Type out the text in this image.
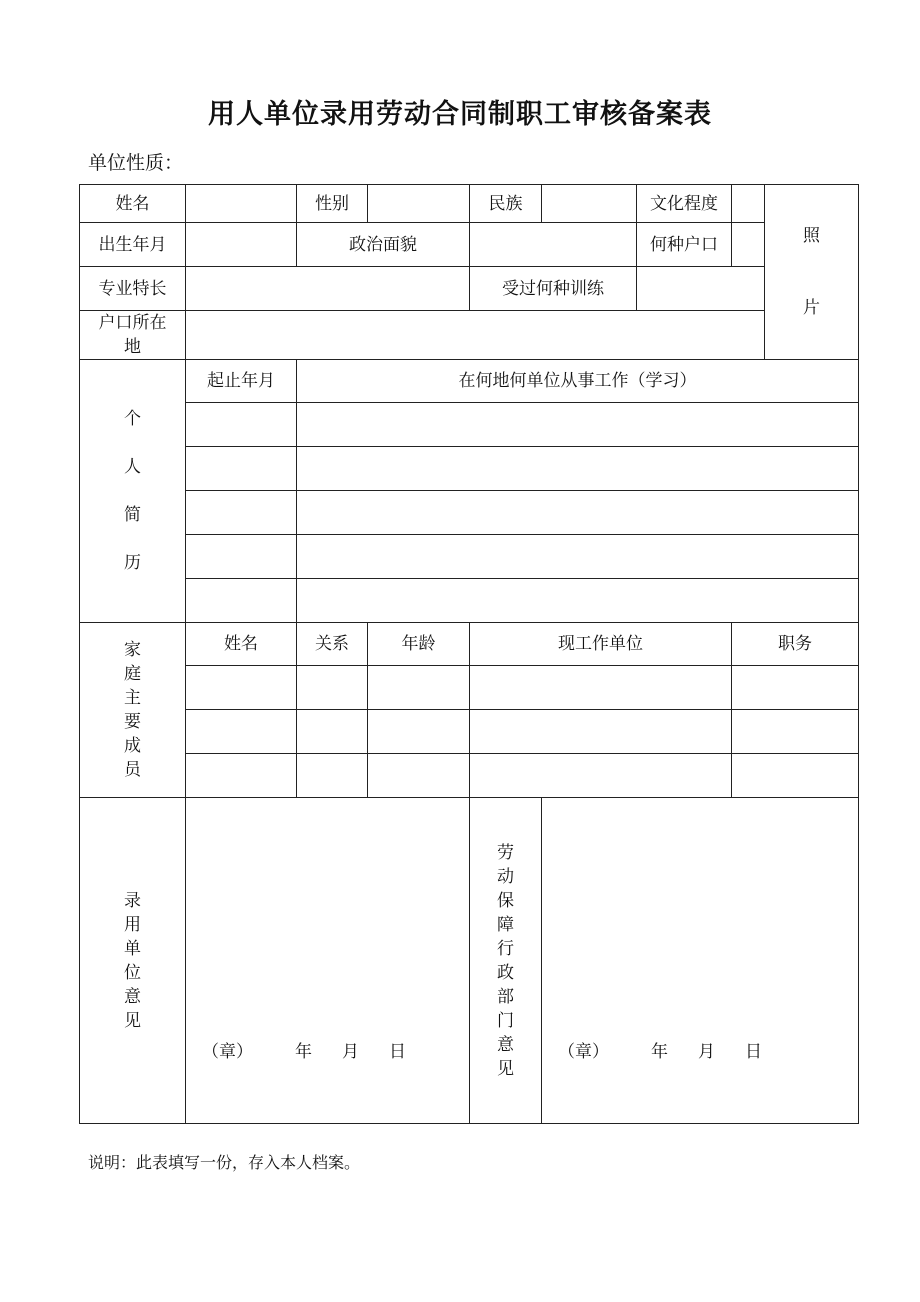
用人单位录用劳动合同制职工审核备案表
单位性质：
姓名		性别		民族		文化程度		照片
出生年月		政治面貌				何种户口		
专业特长				受过何种训练				
户口所在地								
个人简历	起止年月	在何地何单位从事工作（学习）						

家庭主要成员	姓名	关系	年龄	现工作单位			职务	

录用单位意见	（章） 年 月 日			劳动保障行政部门意见	（章） 年 月 日			
说明：此表填写一份，存入本人档案。
